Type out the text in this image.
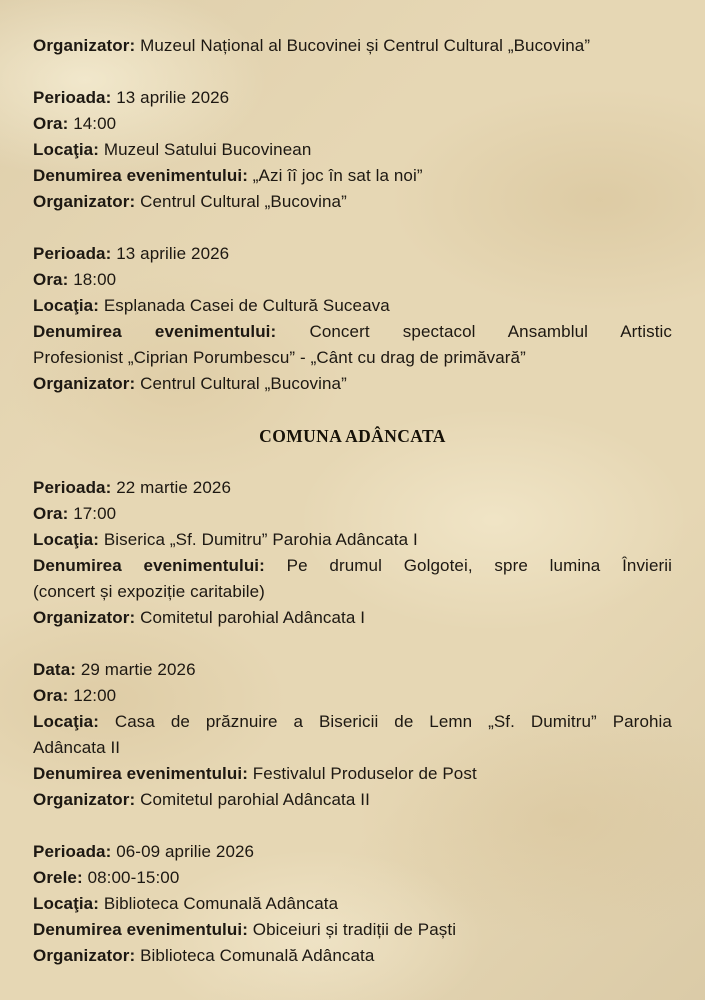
Organizator: Muzeul Național al Bucovinei și Centrul Cultural „Bucovina”

Perioada: 13 aprilie 2026

Ora: 14:00

Locaţia: Muzeul Satului Bucovinean

Denumirea evenimentului: „Azi îî joc în sat la noi”

Organizator: Centrul Cultural „Bucovina”

Perioada: 13 aprilie 2026

Ora: 18:00

Locaţia: Esplanada Casei de Cultură Suceava

Denumirea evenimentului: Concert spectacol Ansamblul Artistic

Profesionist „Ciprian Porumbescu” - „Cânt cu drag de primăvară”

Organizator: Centrul Cultural „Bucovina”

COMUNA ADÂNCATA

Perioada: 22 martie 2026

Ora: 17:00

Locaţia: Biserica „Sf. Dumitru” Parohia Adâncata I

Denumirea evenimentului: Pe drumul Golgotei, spre lumina Învierii

(concert și expoziție caritabile)

Organizator: Comitetul parohial Adâncata I

Data: 29 martie 2026

Ora: 12:00

Locaţia: Casa de prăznuire a Bisericii de Lemn „Sf. Dumitru” Parohia

Adâncata II

Denumirea evenimentului: Festivalul Produselor de Post

Organizator: Comitetul parohial Adâncata II

Perioada: 06-09 aprilie 2026

Orele: 08:00-15:00

Locaţia: Biblioteca Comunală Adâncata

Denumirea evenimentului: Obiceiuri și tradiții de Paști

Organizator: Biblioteca Comunală Adâncata
